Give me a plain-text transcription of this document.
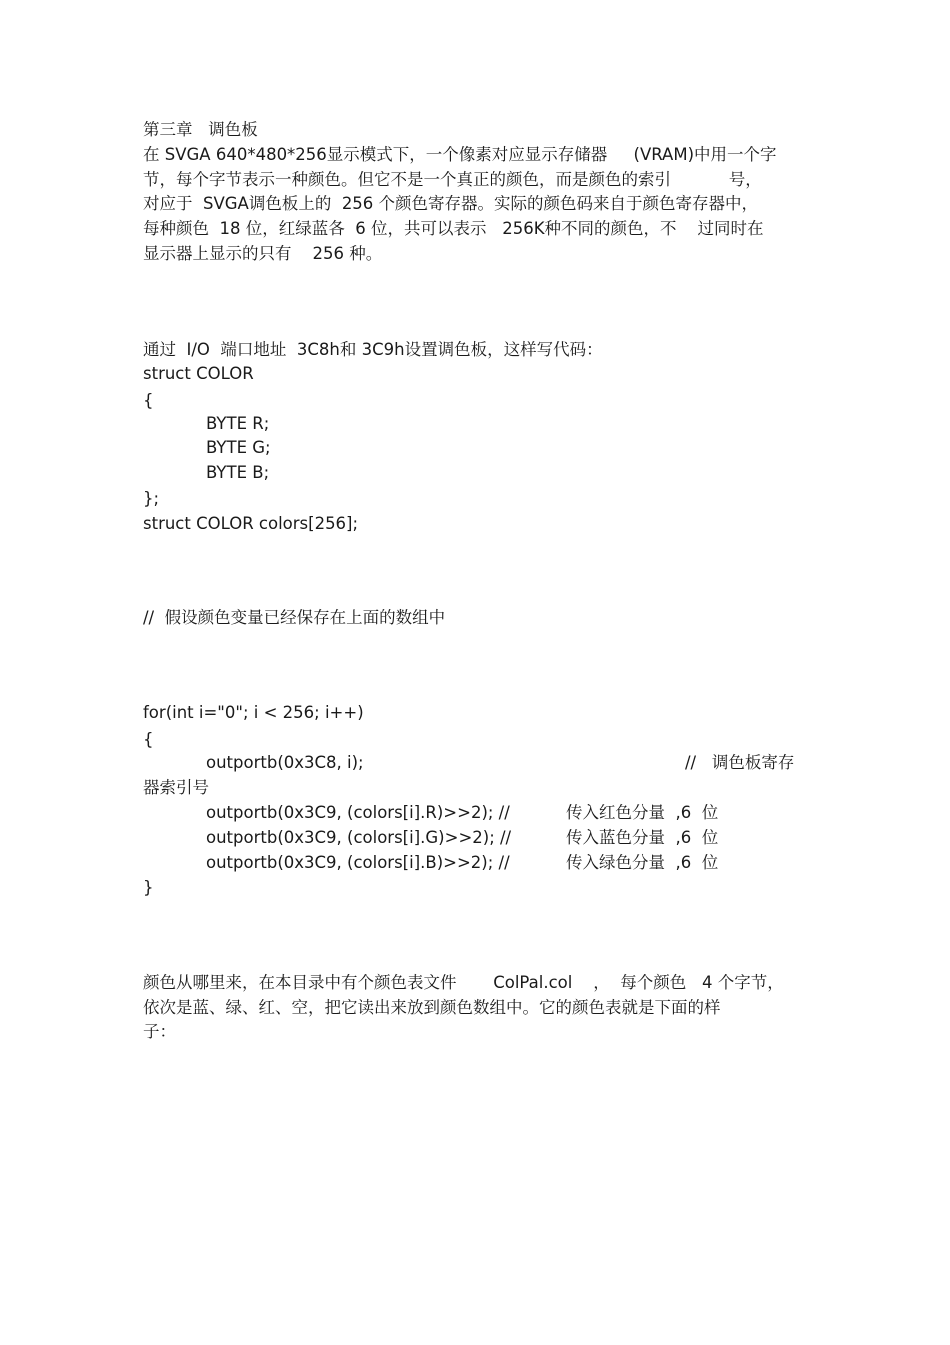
第三章   调色板
在 SVGA 640*480*256显示模式下，一个像素对应显示存储器     (VRAM)中用一个字
节，每个字节表示一种颜色。但它不是一个真正的颜色，而是颜色的索引           号，
对应于  SVGA调色板上的  256 个颜色寄存器。实际的颜色码来自于颜色寄存器中，
每种颜色  18 位，红绿蓝各  6 位，共可以表示   256K种不同的颜色，不    过同时在
显示器上显示的只有    256 种。
通过  I/O  端口地址  3C8h和 3C9h设置调色板，这样写代码：
struct COLOR
{
BYTE R;
BYTE G;
BYTE B;
};
struct COLOR colors[256];
//  假设颜色变量已经保存在上面的数组中
for(int i="0"; i < 256; i++)
{
outportb(0x3C8, i);	//   调色板寄存
器索引号
outportb(0x3C9, (colors[i].R)>>2); //	传入红色分量  ,6  位
outportb(0x3C9, (colors[i].G)>>2); //	传入蓝色分量  ,6  位
outportb(0x3C9, (colors[i].B)>>2); //	传入绿色分量  ,6  位
}
颜色从哪里来，在本目录中有个颜色表文件       ColPal.col    ，  每个颜色   4 个字节，
依次是蓝、绿、红、空，把它读出来放到颜色数组中。它的颜色表就是下面的样
子：
